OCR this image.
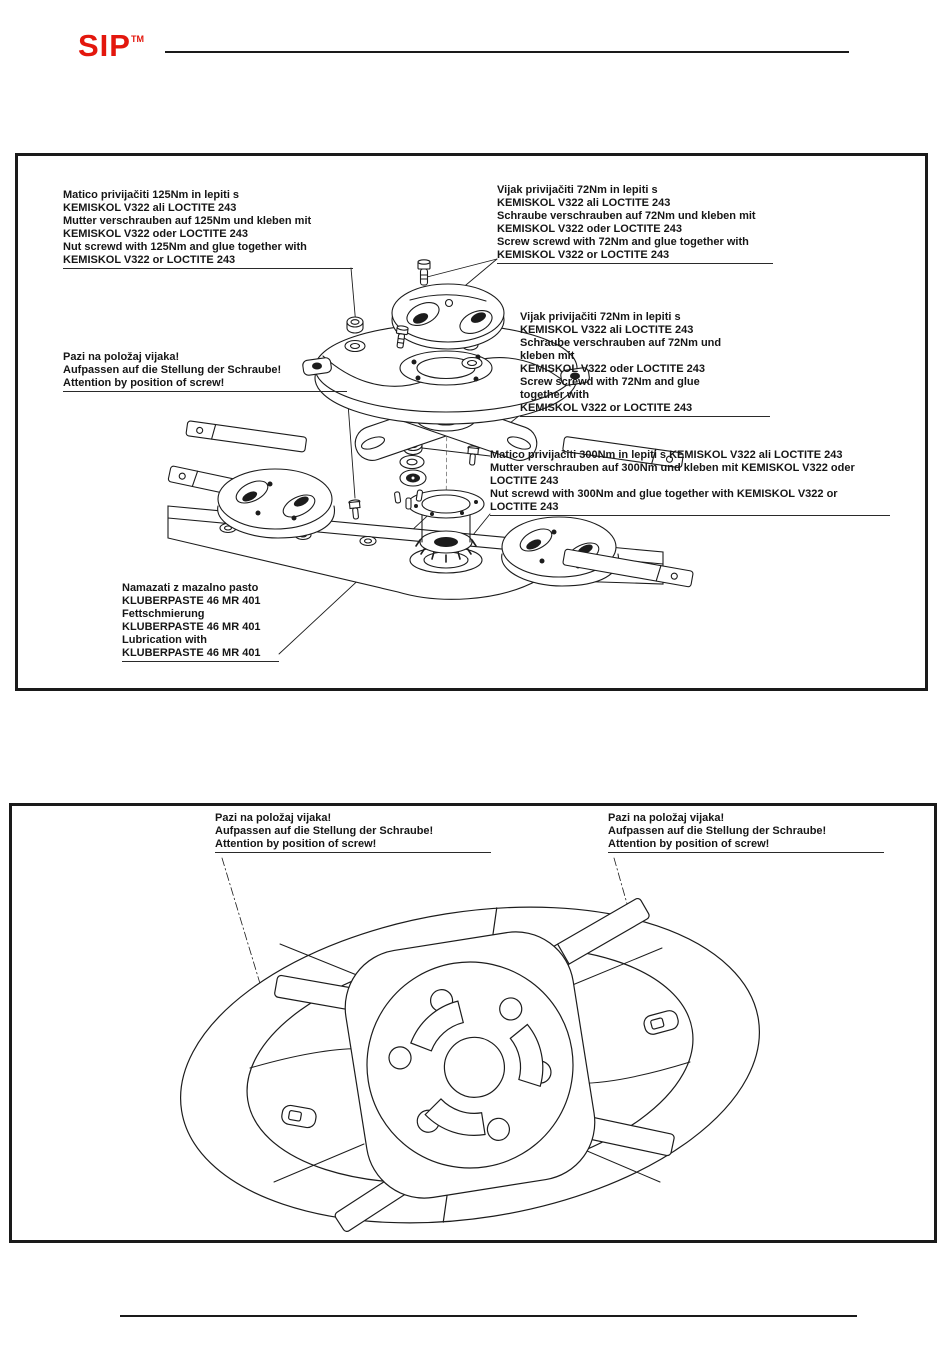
SIP™
Matico privijačiti 125Nm in lepiti s
KEMISKOL V322 ali LOCTITE 243
Mutter verschrauben auf 125Nm und kleben mit
KEMISKOL V322 oder LOCTITE 243
Nut screwd with 125Nm and glue together with
KEMISKOL V322 or LOCTITE 243
Vijak privijačiti 72Nm in lepiti s
KEMISKOL V322 ali LOCTITE 243
Schraube verschrauben auf 72Nm und kleben mit
KEMISKOL V322 oder LOCTITE 243
Screw screwd with 72Nm and glue together with
KEMISKOL V322 or LOCTITE 243
Vijak privijačiti 72Nm in lepiti s
KEMISKOL V322 ali LOCTITE 243
Schraube verschrauben auf 72Nm und
kleben mit
KEMISKOL V322 oder LOCTITE 243
Screw screwd with 72Nm and glue
together with
KEMISKOL V322 or LOCTITE 243
Pazi na položaj vijaka!
Aufpassen auf die Stellung der Schraube!
Attention by position of screw!
Matico privijačiti 300Nm in lepiti s KEMISKOL V322 ali LOCTITE 243
Mutter verschrauben auf 300Nm und kleben mit KEMISKOL V322 oder
LOCTITE 243
Nut screwd with 300Nm and glue together with KEMISKOL V322 or
LOCTITE 243
Namazati z mazalno pasto
KLUBERPASTE 46 MR 401
Fettschmierung
KLUBERPASTE 46 MR 401
Lubrication with
KLUBERPASTE 46 MR 401
Pazi na položaj vijaka!
Aufpassen auf die Stellung der Schraube!
Attention by position of screw!
Pazi na položaj vijaka!
Aufpassen auf die Stellung der Schraube!
Attention by position of screw!
